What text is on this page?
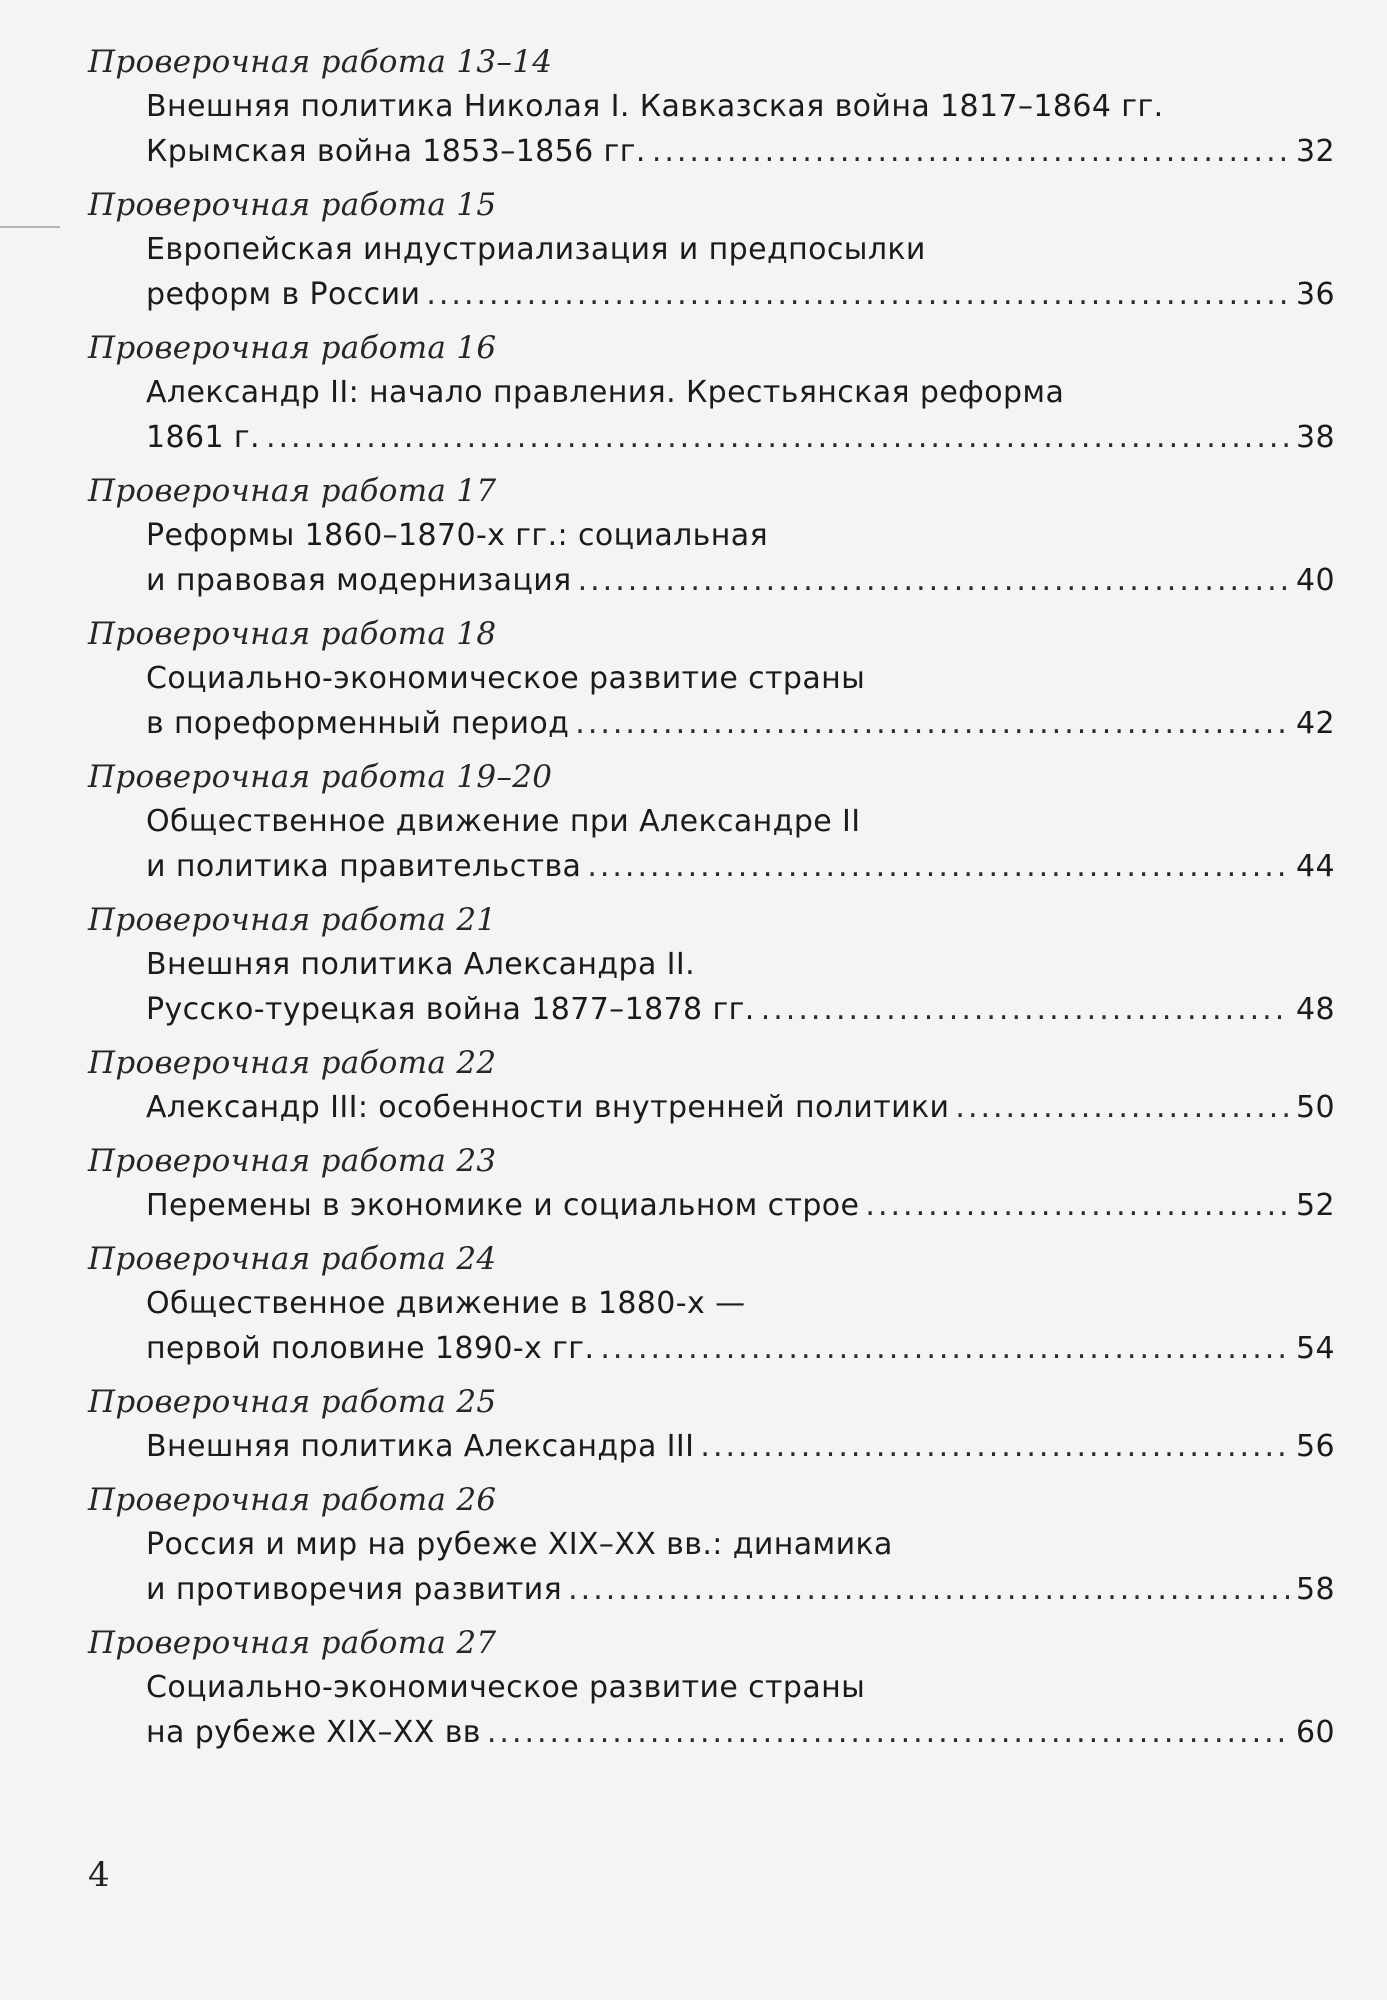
Проверочная работа 13–14
Внешняя политика Николая I. Кавказская война 1817–1864 гг.
Крымская война 1853–1856 гг. .....	32
Проверочная работа 15
Европейская индустриализация и предпосылки
реформ в России .....	36
Проверочная работа 16
Александр II: начало правления. Крестьянская реформа
1861 г. .....	38
Проверочная работа 17
Реформы 1860–1870-х гг.: социальная
и правовая модернизация .....	40
Проверочная работа 18
Социально-экономическое развитие страны
в пореформенный период .....	42
Проверочная работа 19–20
Общественное движение при Александре II
и политика правительства .....	44
Проверочная работа 21
Внешняя политика Александра II.
Русско-турецкая война 1877–1878 гг. .....	48
Проверочная работа 22
Александр III: особенности внутренней политики .....	50
Проверочная работа 23
Перемены в экономике и социальном строе .....	52
Проверочная работа 24
Общественное движение в 1880-х —
первой половине 1890-х гг. .....	54
Проверочная работа 25
Внешняя политика Александра III .....	56
Проверочная работа 26
Россия и мир на рубеже XIX–XX вв.: динамика
и противоречия развития .....	58
Проверочная работа 27
Социально-экономическое развитие страны
на рубеже XIX–XX вв .....	60
4
